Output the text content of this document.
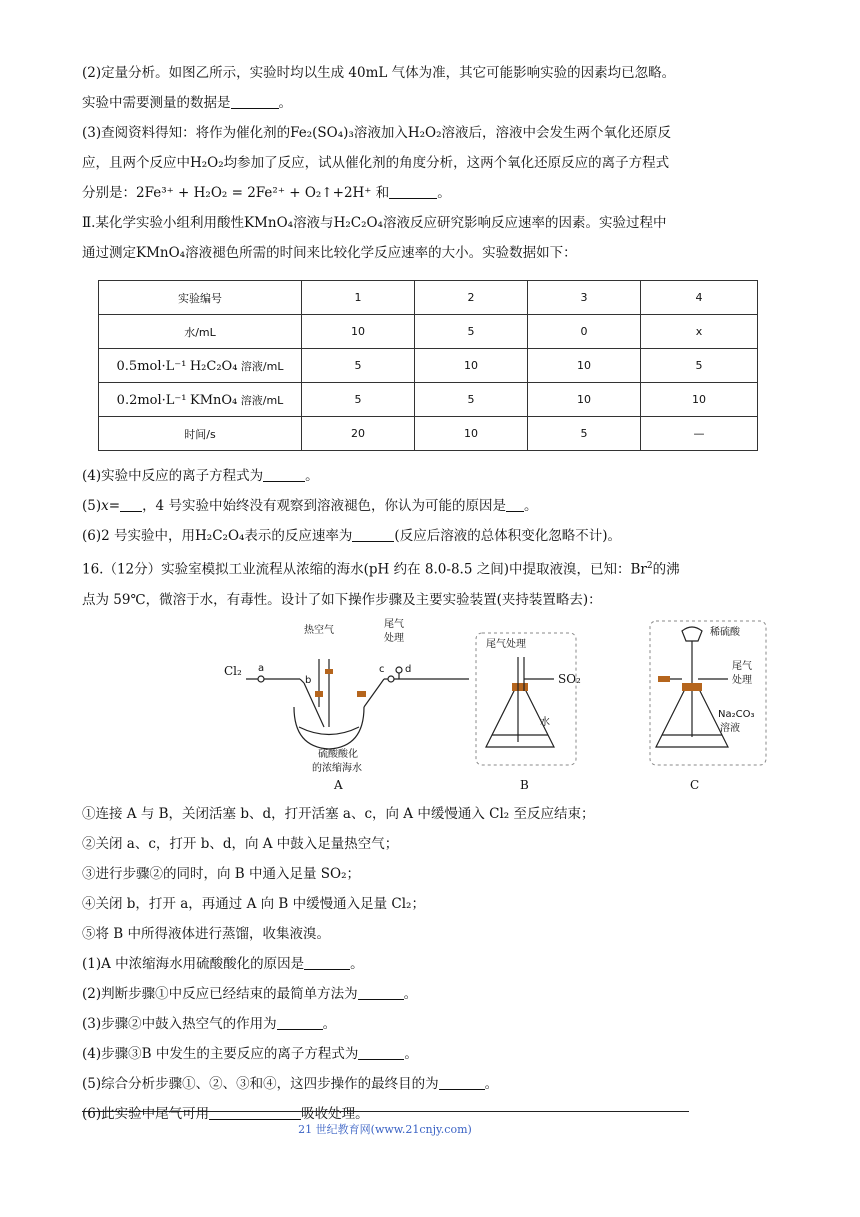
(2)定量分析。如图乙所示，实验时均以生成 40mL 气体为准，其它可能影响实验的因素均已忽略。

实验中需要测量的数据是	。

(3)查阅资料得知：将作为催化剂的Fe₂(SO₄)₃溶液加入H₂O₂溶液后，溶液中会发生两个氧化还原反

应，且两个反应中H₂O₂均参加了反应，试从催化剂的角度分析，这两个氧化还原反应的离子方程式

分别是：2Fe³⁺ + H₂O₂ = 2Fe²⁺ + O₂↑+2H⁺ 和	。

Ⅱ.某化学实验小组利用酸性KMnO₄溶液与H₂C₂O₄溶液反应研究影响反应速率的因素。实验过程中

通过测定KMnO₄溶液褪色所需的时间来比较化学反应速率的大小。实验数据如下：

实验编号	1	2	3	4
水/mL	10	5	0	x
0.5mol·L⁻¹ H₂C₂O₄ 溶液/mL	5	10	10	5
0.2mol·L⁻¹ KMnO₄ 溶液/mL	5	5	10	10
时间/s	20	10	5	—

(4)实验中反应的离子方程式为	。

(5)x= ，4 号实验中始终没有观察到溶液褪色，你认为可能的原因是 。

(6)2 号实验中，用H₂C₂O₄表示的反应速率为	(反应后溶液的总体积变化忽略不计)。

16.（12分）实验室模拟工业流程从浓缩的海水(pH 约在 8.0-8.5 之间)中提取液溴，已知：Br$^2$的沸

点为 59℃，微溶于水，有毒性。设计了如下操作步骤及主要实验装置(夹持装置略去)：

Cl₂ a
b
c d
热空气
尾气
处理
硫酸酸化
的浓缩海水
A
尾气处理
SO₂
水
B
稀硫酸
尾气
处理
Na₂CO₃
溶液
C

①连接 A 与 B，关闭活塞 b、d，打开活塞 a、c，向 A 中缓慢通入 Cl₂ 至反应结束；

②关闭 a、c，打开 b、d，向 A 中鼓入足量热空气；

③进行步骤②的同时，向 B 中通入足量 SO₂；

④关闭 b，打开 a，再通过 A 向 B 中缓慢通入足量 Cl₂；

⑤将 B 中所得液体进行蒸馏，收集液溴。

(1)A 中浓缩海水用硫酸酸化的原因是	。

(2)判断步骤①中反应已经结束的最简单方法为	。

(3)步骤②中鼓入热空气的作用为	。

(4)步骤③B 中发生的主要反应的离子方程式为	。

(5)综合分析步骤①、②、③和④，这四步操作的最终目的为	。

(6)此实验中尾气可用	吸收处理。

21 世纪教育网(www.21cnjy.com)
